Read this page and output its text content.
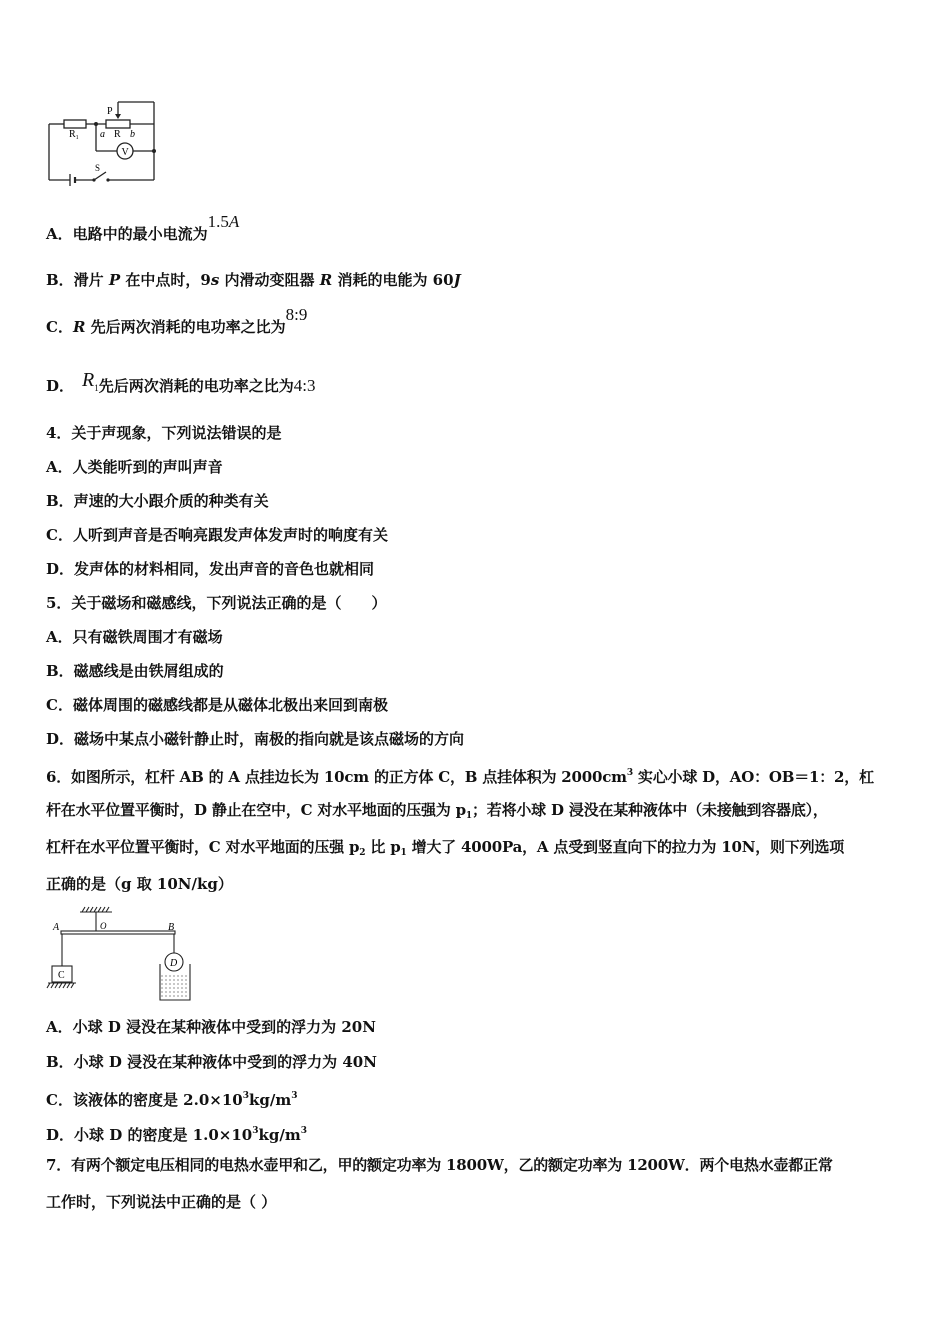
$R_1$
P
a R b
V
S
A．电路中的最小电流为1.5A
B．滑片 P 在中点时，9s 内滑动变阻器 R 消耗的电能为 60J
C．R 先后两次消耗的电功率之比为8:9
D． R1先后两次消耗的电功率之比为4:3
4．关于声现象，下列说法错误的是
A．人类能听到的声叫声音
B．声速的大小跟介质的种类有关
C．人听到声音是否响亮跟发声体发声时的响度有关
D．发声体的材料相同，发出声音的音色也就相同
5．关于磁场和磁感线，下列说法正确的是（　　）
A．只有磁铁周围才有磁场
B．磁感线是由铁屑组成的
C．磁体周围的磁感线都是从磁体北极出来回到南极
D．磁场中某点小磁针静止时，南极的指向就是该点磁场的方向
6．如图所示，杠杆 AB 的 A 点挂边长为 10cm 的正方体 C，B 点挂体积为 $2000cm^3$ 实心小球 D，AO：OB＝1：2，杠
杆在水平位置平衡时，D 静止在空中，C 对水平地面的压强为 $p_1$；若将小球 D 浸没在某种液体中（未接触到容器底），
杠杆在水平位置平衡时，C 对水平地面的压强 $p_2$ 比 $p_1$ 增大了 4000Pa，A 点受到竖直向下的拉力为 10N，则下列选项
正确的是（g 取 10N/kg）
A	O	B
C
D
A．小球 D 浸没在某种液体中受到的浮力为 20N
B．小球 D 浸没在某种液体中受到的浮力为 40N
C．该液体的密度是 $2.0\times 10^3kg/m^3$
D．小球 D 的密度是 $1.0\times 10^3kg/m^3$
7．有两个额定电压相同的电热水壶甲和乙，甲的额定功率为 1800W，乙的额定功率为 1200W．两个电热水壶都正常
工作时，下列说法中正确的是（ ）
